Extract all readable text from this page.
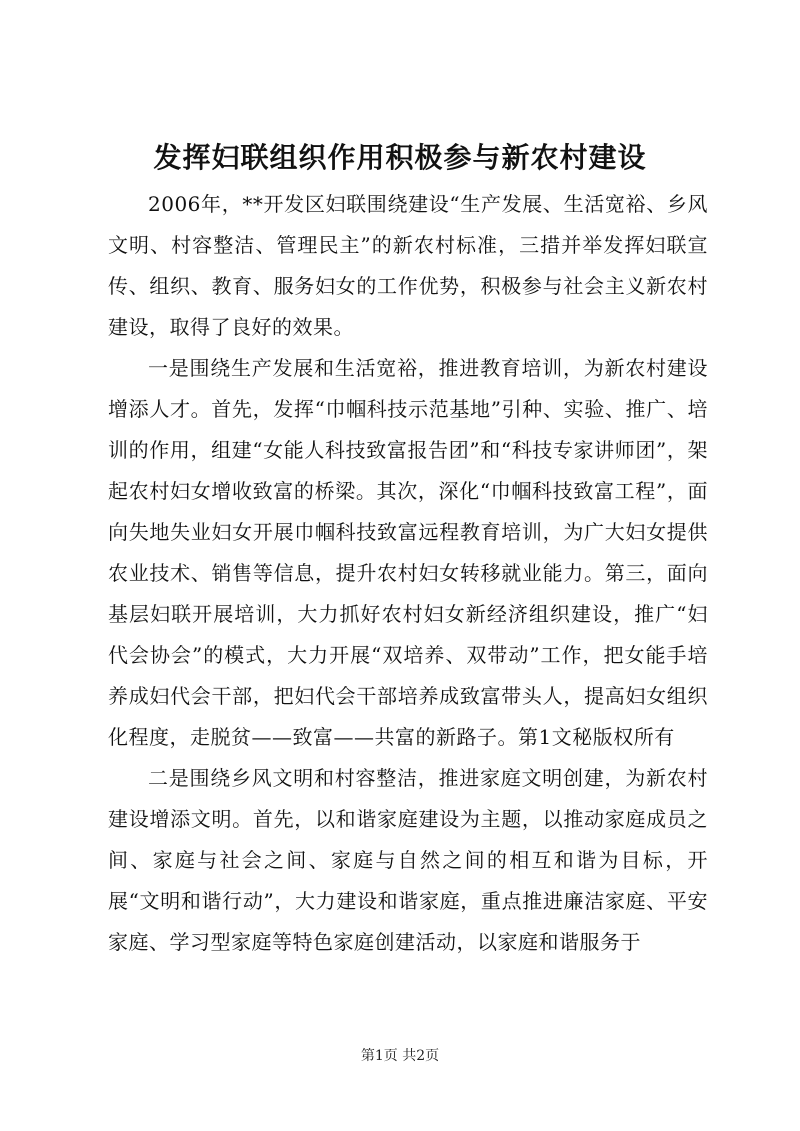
发挥妇联组织作用积极参与新农村建设

2006年，**开发区妇联围绕建设“生产发展、生活宽裕、乡风文明、村容整洁、管理民主”的新农村标准，三措并举发挥妇联宣传、组织、教育、服务妇女的工作优势，积极参与社会主义新农村建设，取得了良好的效果。

一是围绕生产发展和生活宽裕，推进教育培训，为新农村建设增添人才。首先，发挥“巾帼科技示范基地”引种、实验、推广、培训的作用，组建“女能人科技致富报告团”和“科技专家讲师团”，架起农村妇女增收致富的桥梁。其次，深化“巾帼科技致富工程”，面向失地失业妇女开展巾帼科技致富远程教育培训，为广大妇女提供农业技术、销售等信息，提升农村妇女转移就业能力。第三，面向基层妇联开展培训，大力抓好农村妇女新经济组织建设，推广“妇代会协会”的模式，大力开展“双培养、双带动”工作，把女能手培养成妇代会干部，把妇代会干部培养成致富带头人，提高妇女组织化程度，走脱贫——致富——共富的新路子。第1文秘版权所有

二是围绕乡风文明和村容整洁，推进家庭文明创建，为新农村建设增添文明。首先，以和谐家庭建设为主题，以推动家庭成员之间、家庭与社会之间、家庭与自然之间的相互和谐为目标，开展“文明和谐行动”，大力建设和谐家庭，重点推进廉洁家庭、平安家庭、学习型家庭等特色家庭创建活动，以家庭和谐服务于

第1页 共2页
